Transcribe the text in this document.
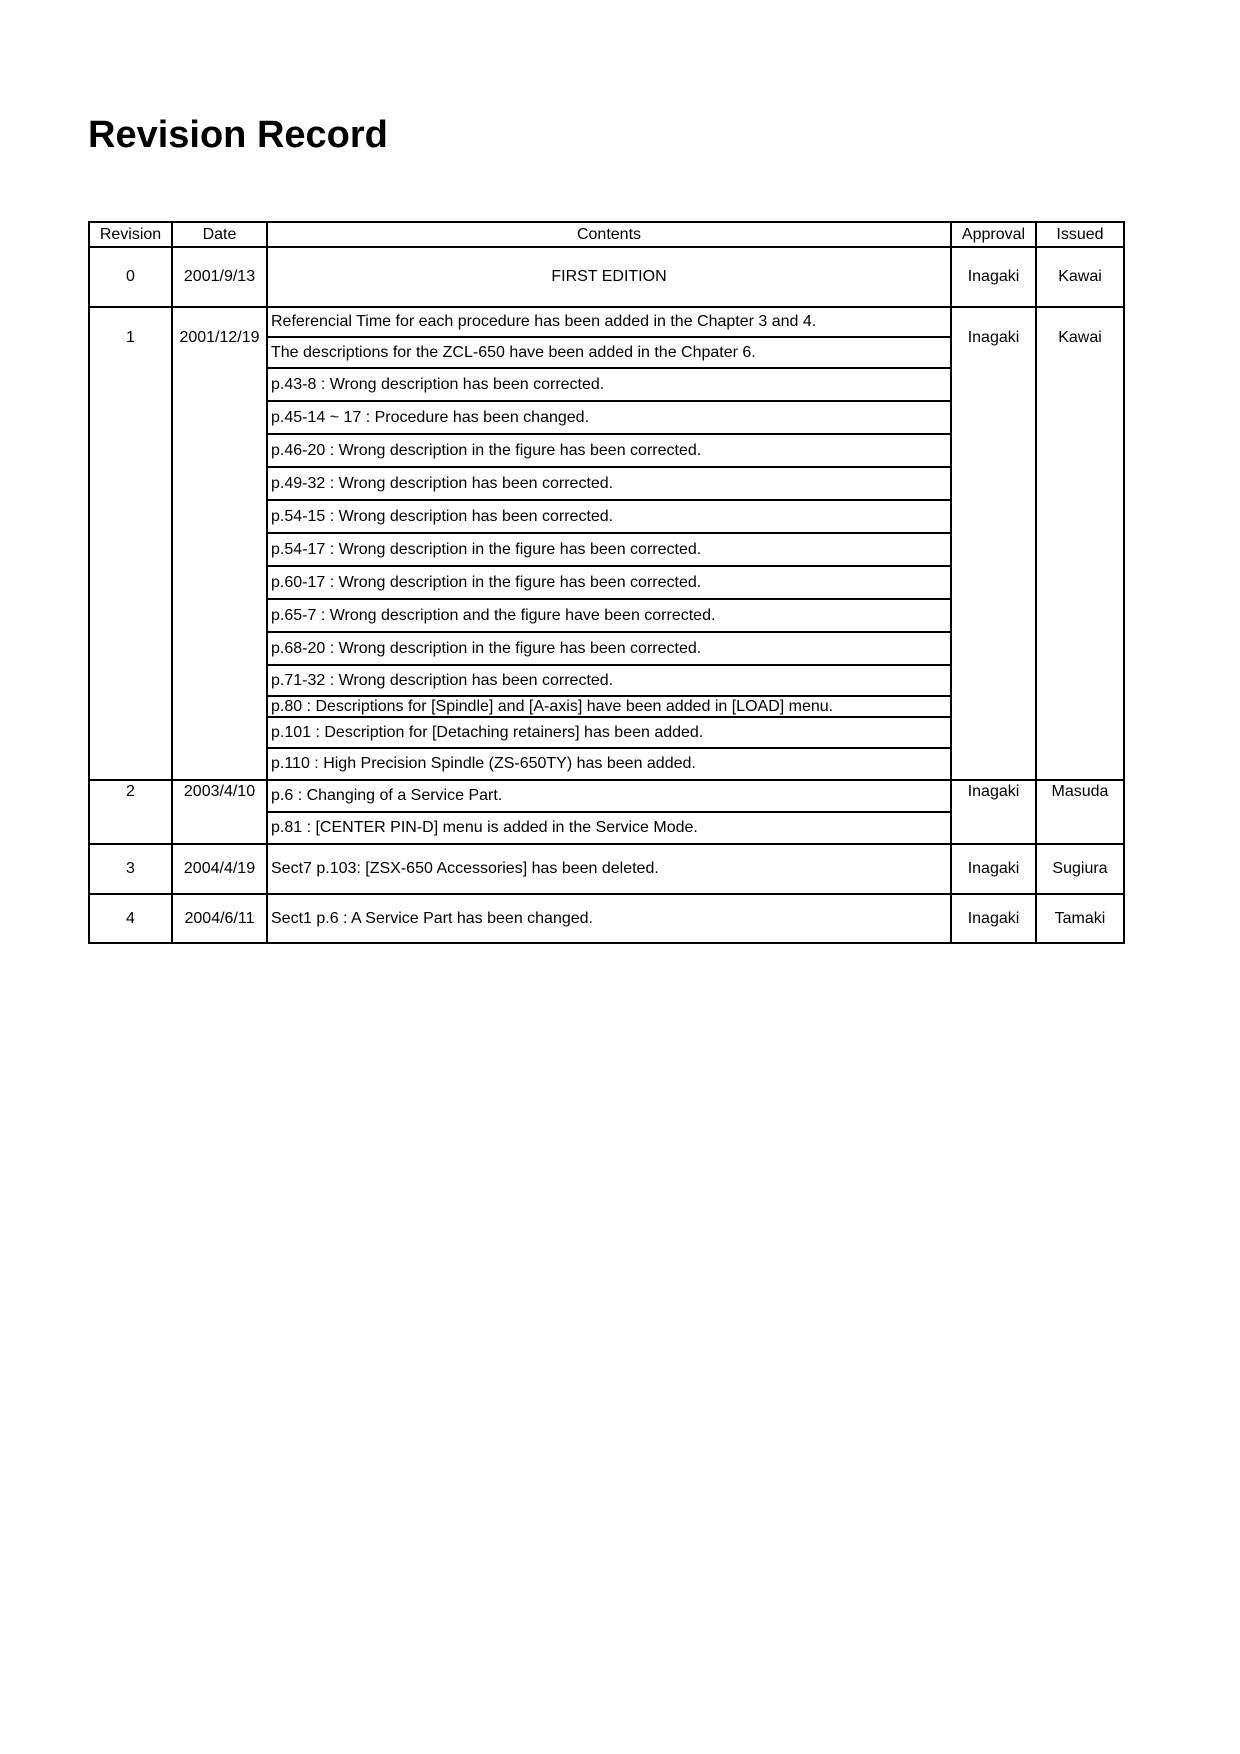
Revision Record
Revision	Date	Contents	Approval	Issued
0	2001/9/13	FIRST EDITION	Inagaki	Kawai
1	2001/12/19	Referencial Time for each procedure has been added in the Chapter 3 and 4.	Inagaki	Kawai
		The descriptions for the ZCL-650 have been added in the Chpater 6.		
		p.43-8 : Wrong description has been corrected.		
		p.45-14 ~ 17 : Procedure has been changed.		
		p.46-20 : Wrong description in the figure has been corrected.		
		p.49-32 : Wrong description has been corrected.		
		p.54-15 : Wrong description has been corrected.		
		p.54-17 : Wrong description in the figure has been corrected.		
		p.60-17 : Wrong description in the figure has been corrected.		
		p.65-7 : Wrong description and the figure have been corrected.		
		p.68-20 : Wrong description in the figure has been corrected.		
		p.71-32 : Wrong description has been corrected.		
		p.80 : Descriptions for [Spindle] and [A-axis] have been added in [LOAD] menu.		
		p.101 : Description for [Detaching retainers] has been added.		
		p.110 : High Precision Spindle (ZS-650TY) has been added.		
2	2003/4/10	p.6 : Changing of a Service Part.	Inagaki	Masuda
		p.81 : [CENTER PIN-D] menu is added in the Service Mode.		
3	2004/4/19	Sect7 p.103: [ZSX-650 Accessories] has been deleted.	Inagaki	Sugiura
4	2004/6/11	Sect1 p.6 : A Service Part has been changed.	Inagaki	Tamaki
